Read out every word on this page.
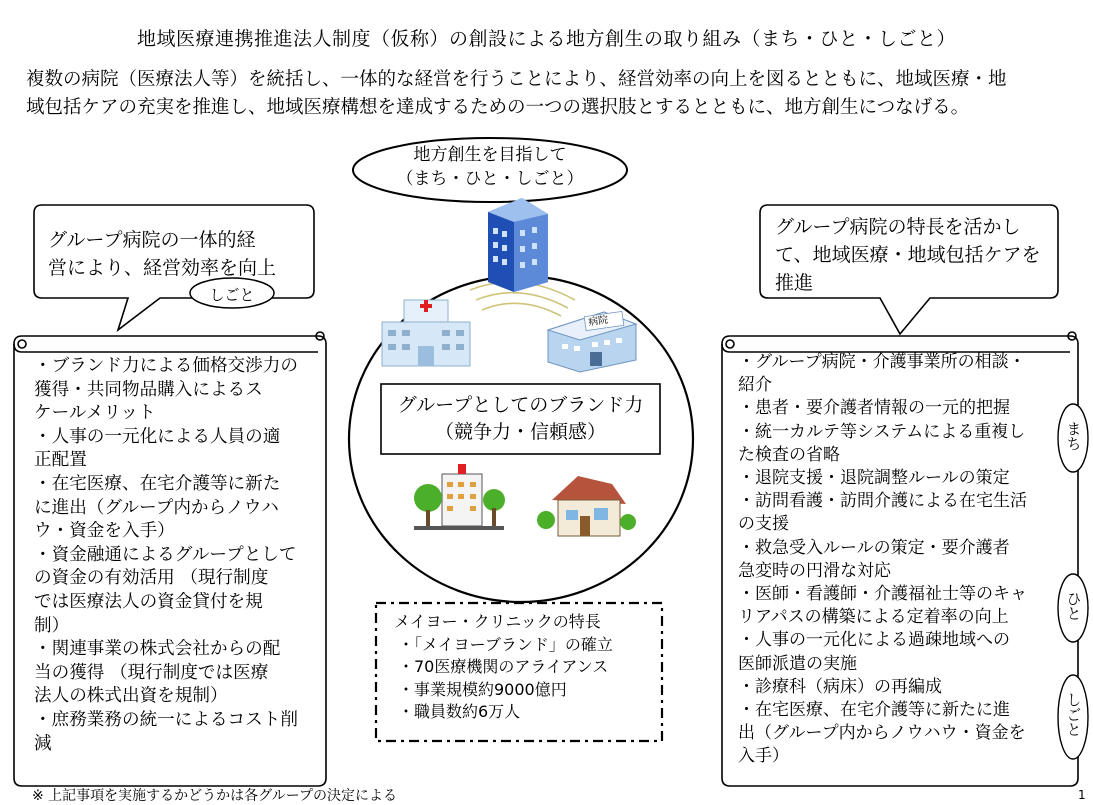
地域医療連携推進法人制度（仮称）の創設による地方創生の取り組み（まち・ひと・しごと）
複数の病院（医療法人等）を統括し、一体的な経営を行うことにより、経営効率の向上を図るとともに、地域医療・地
域包括ケアの充実を推進し、地域医療構想を達成するための一つの選択肢とするとともに、地方創生につなげる。
地方創生を目指して
（まち・ひと・しごと）
グループ病院の一体的経
営により、経営効率を向上
しごと
グループ病院の特長を活かし
て、地域医療・地域包括ケアを
推進
病院
グループとしてのブランド力
（競争力・信頼感）
・ブランド力による価格交渉力の
獲得・共同物品購入によるス
ケールメリット
・人事の一元化による人員の適
正配置
・在宅医療、在宅介護等に新た
に進出（グループ内からノウハ
ウ・資金を入手）
・資金融通によるグループとして
の資金の有効活用 （現行制度
では医療法人の資金貸付を規
制）
・関連事業の株式会社からの配
当の獲得 （現行制度では医療
法人の株式出資を規制）
・庶務業務の統一によるコスト削
減
・グループ病院・介護事業所の相談・
紹介
・患者・要介護者情報の一元的把握
・統一カルテ等システムによる重複し
た検査の省略
・退院支援・退院調整ルールの策定
・訪問看護・訪問介護による在宅生活
の支援
・救急受入ルールの策定・要介護者
急変時の円滑な対応
・医師・看護師・介護福祉士等のキャ
リアパスの構築による定着率の向上
・人事の一元化による過疎地域への
医師派遣の実施
・診療科（病床）の再編成
・在宅医療、在宅介護等に新たに進
出（グループ内からノウハウ・資金を
入手）
まち
ひと
しごと
メイヨー・クリニックの特長
・「メイヨーブランド」の確立
・70医療機関のアライアンス
・事業規模約9000億円
・職員数約6万人
※ 上記事項を実施するかどうかは各グループの決定による	1
